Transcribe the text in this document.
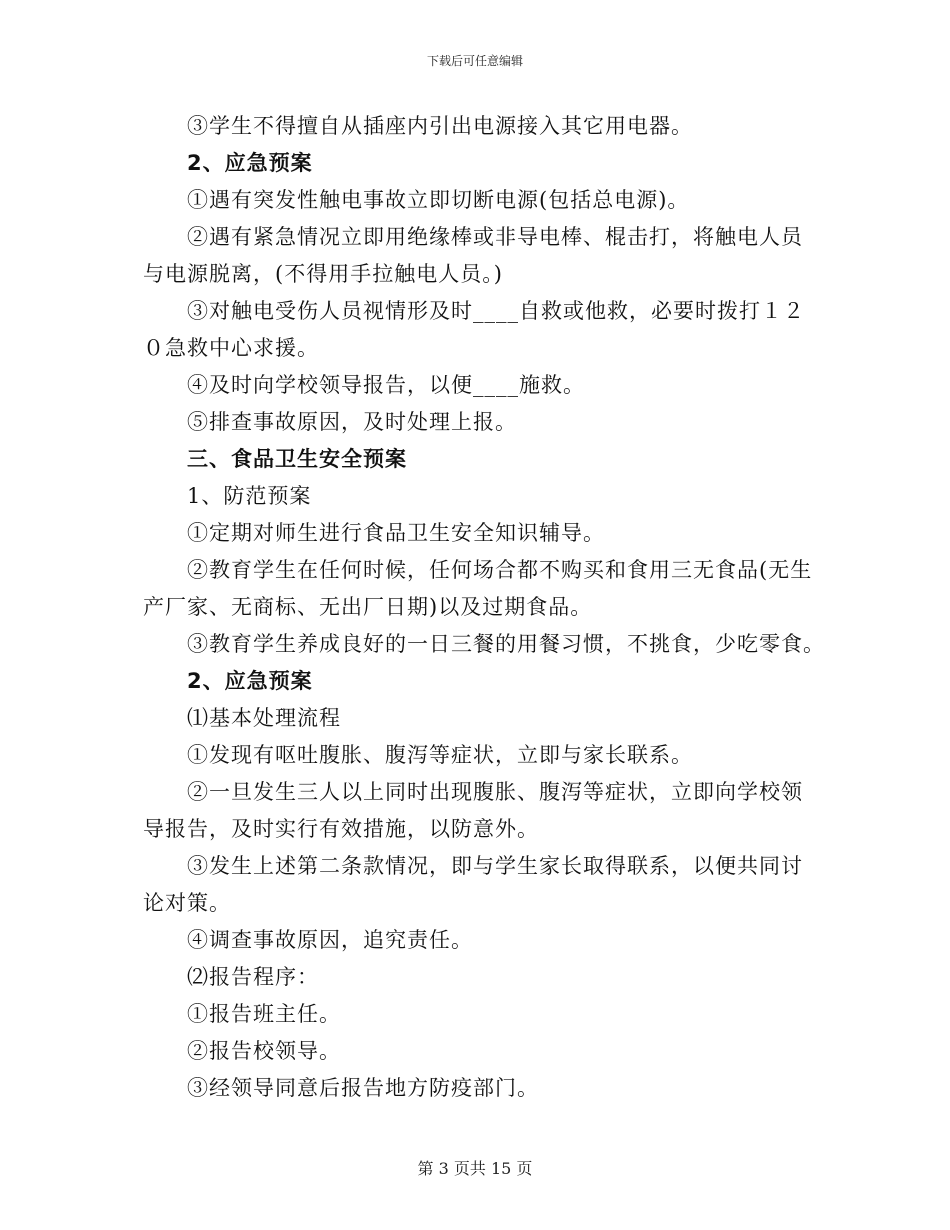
下载后可任意编辑
③学生不得擅自从插座内引出电源接入其它用电器。
2、应急预案
①遇有突发性触电事故立即切断电源(包括总电源)。
②遇有紧急情况立即用绝缘棒或非导电棒、棍击打，将触电人员
与电源脱离，(不得用手拉触电人员。)
③对触电受伤人员视情形及时____自救或他救，必要时拨打１２
０急救中心求援。
④及时向学校领导报告，以便____施救。
⑤排查事故原因，及时处理上报。
三、食品卫生安全预案
1、防范预案
①定期对师生进行食品卫生安全知识辅导。
②教育学生在任何时候，任何场合都不购买和食用三无食品(无生
产厂家、无商标、无出厂日期)以及过期食品。
③教育学生养成良好的一日三餐的用餐习惯，不挑食，少吃零食。
2、应急预案
⑴基本处理流程
①发现有呕吐腹胀、腹泻等症状，立即与家长联系。
②一旦发生三人以上同时出现腹胀、腹泻等症状，立即向学校领
导报告，及时实行有效措施，以防意外。
③发生上述第二条款情况，即与学生家长取得联系，以便共同讨
论对策。
④调查事故原因，追究责任。
⑵报告程序：
①报告班主任。
②报告校领导。
③经领导同意后报告地方防疫部门。
第 3 页共 15 页
